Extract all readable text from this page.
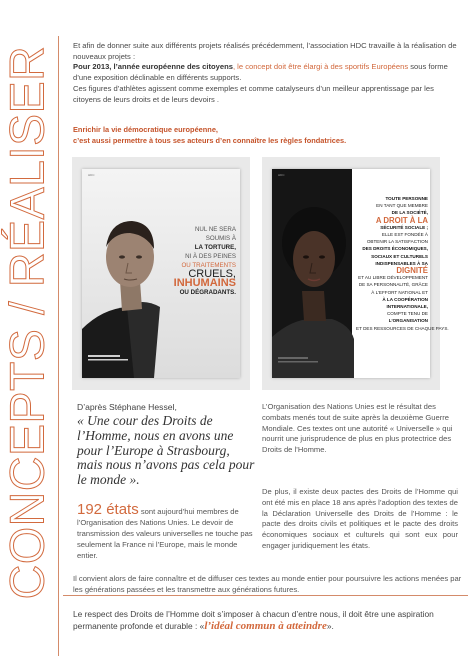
CONCEPTS / RÉALISER Et afin de donner suite aux différents projets réalisés précédemment, l’association HDC travaille à la réalisation de nouveaux projets :

Pour 2013, l’année européenne des citoyens, le concept doit être élargi à des sportifs Européens sous forme d’une exposition déclinable en différents supports.

Ces figures d’athlètes agissent comme exemples et comme catalyseurs d’un meilleur apprentissage par les citoyens de leurs droits et de leurs devoirs .

Enrichir la vie démocratique européenne,
c’est aussi permettre à tous ses acteurs d’en connaître les règles fondatrices.
HDC
NUL NE SERA
SOUMIS À
LA TORTURE,
NI À DES PEINES
OU TRAITEMENTS
CRUELS,
INHUMAINS
OU DÉGRADANTS.
HDC
TOUTE PERSONNE
EN TANT QUE MEMBRE
DE LA SOCIÉTÉ,
A DROIT À LA
SÉCURITÉ SOCIALE ;
ELLE EST FONDÉE À
OBTENIR LA SATISFACTION
DES DROITS ÉCONOMIQUES,
SOCIAUX ET CULTURELS
INDISPENSABLES À SA
DIGNITÉ
ET AU LIBRE DÉVELOPPEMENT
DE SA PERSONNALITÉ, GRÂCE
À L’EFFORT NATIONAL ET
À LA COOPÉRATION
INTERNATIONALE,
COMPTE TENU DE
L’ORGANISATION
ET DES RESSOURCES DE CHAQUE PAYS.
D’après Stéphane Hessel,
« Une cour des Droits de l’Homme, nous en avons une pour l’Europe à Strasbourg, mais nous n’avons pas cela pour le monde ».
192 états sont aujourd’hui membres de l’Organisation des Nations Unies. Le devoir de transmission des valeurs universelles ne touche pas seulement la France ni l’Europe, mais le monde entier.
L’Organisation des Nations Unies est le résultat des combats menés tout de suite après la deuxième Guerre Mondiale. Ces textes ont une autorité « Universelle » qui nourrit une jurisprudence de plus en plus protectrice des Droits de l’Homme.
De plus, il existe deux pactes des Droits de l’Homme qui ont été mis en place 18 ans après l’adoption des textes de la Déclaration Universelle des Droits de l’Homme : le pacte des droits civils et politiques et le pacte des droits économiques sociaux et culturels qui sont eux pour engager juridiquement les états.
Il convient alors de faire connaître et de diffuser ces textes au monde entier pour poursuivre les actions menées par les générations passées et les transmettre aux générations futures.
Le respect des Droits de l’Homme doit s’imposer à chacun d’entre nous, il doit être une aspiration permanente profonde et durable : «l’idéal commun à atteindre».
